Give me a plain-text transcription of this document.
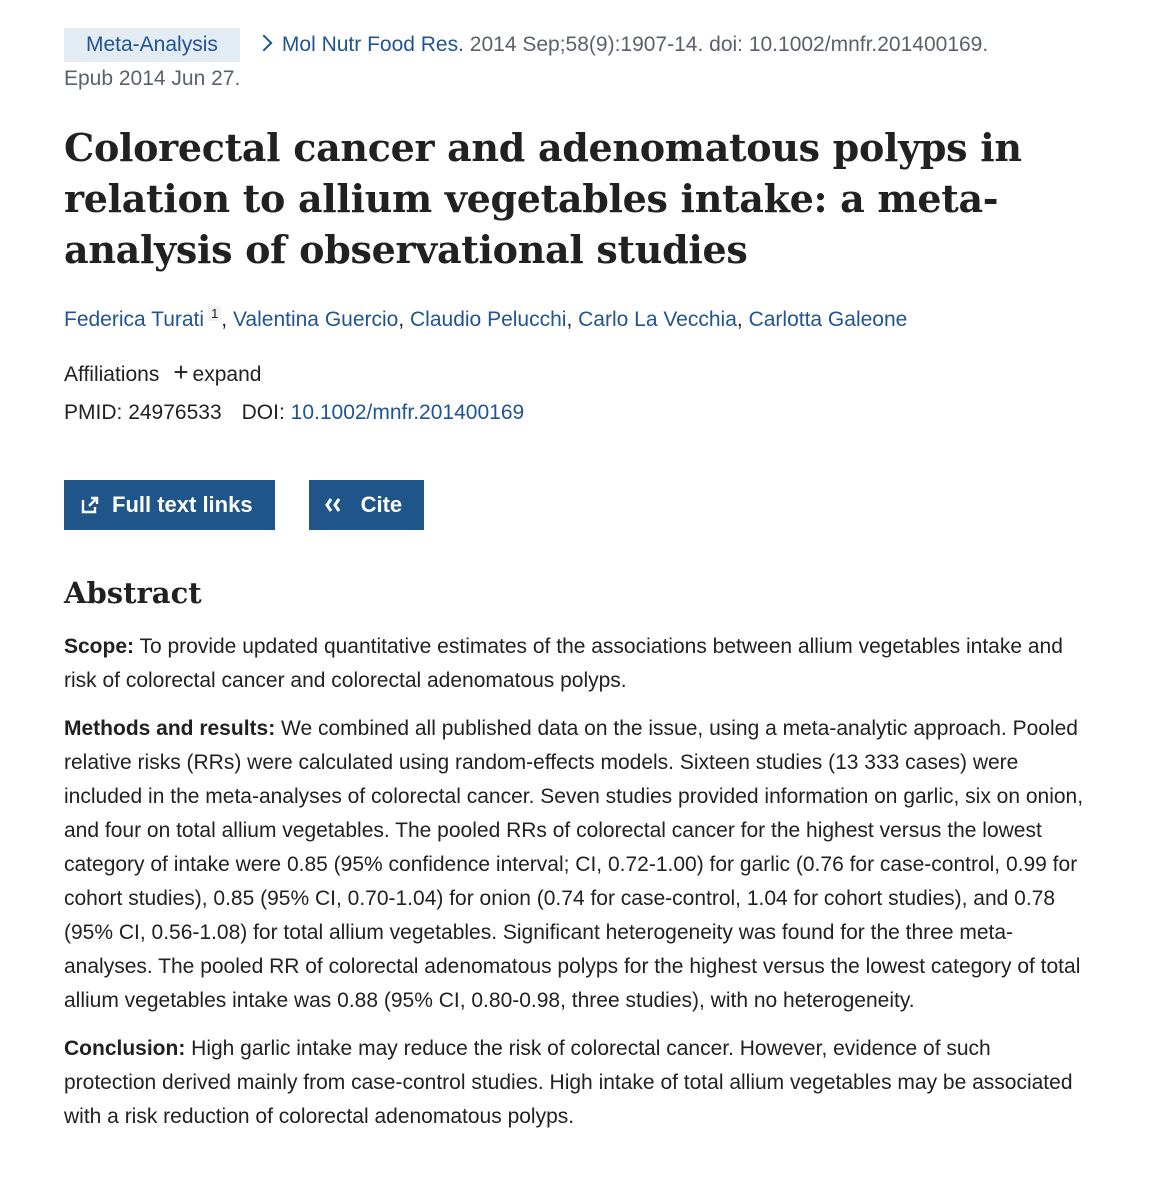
Meta-Analysis	Mol Nutr Food Res. 2014 Sep;58(9):1907-14. doi: 10.1002/mnfr.201400169.
Epub 2014 Jun 27.
Colorectal cancer and adenomatous polyps in relation to allium vegetables intake: a meta-analysis of observational studies
Federica Turati $^1$ , Valentina Guercio, Claudio Pelucchi, Carlo La Vecchia, Carlotta Galeone
Affiliations + expand
PMID: 24976533 DOI: 10.1002/mnfr.201400169
Full text links	Cite
Abstract

Scope: To provide updated quantitative estimates of the associations between allium vegetables intake and risk of colorectal cancer and colorectal adenomatous polyps.

Methods and results: We combined all published data on the issue, using a meta-analytic approach. Pooled relative risks (RRs) were calculated using random-effects models. Sixteen studies (13 333 cases) were included in the meta-analyses of colorectal cancer. Seven studies provided information on garlic, six on onion, and four on total allium vegetables. The pooled RRs of colorectal cancer for the highest versus the lowest category of intake were 0.85 (95% confidence interval; CI, 0.72-1.00) for garlic (0.76 for case-control, 0.99 for cohort studies), 0.85 (95% CI, 0.70-1.04) for onion (0.74 for case-control, 1.04 for cohort studies), and 0.78 (95% CI, 0.56-1.08) for total allium vegetables. Significant heterogeneity was found for the three meta-analyses. The pooled RR of colorectal adenomatous polyps for the highest versus the lowest category of total allium vegetables intake was 0.88 (95% CI, 0.80-0.98, three studies), with no heterogeneity.

Conclusion: High garlic intake may reduce the risk of colorectal cancer. However, evidence of such protection derived mainly from case-control studies. High intake of total allium vegetables may be associated with a risk reduction of colorectal adenomatous polyps.
